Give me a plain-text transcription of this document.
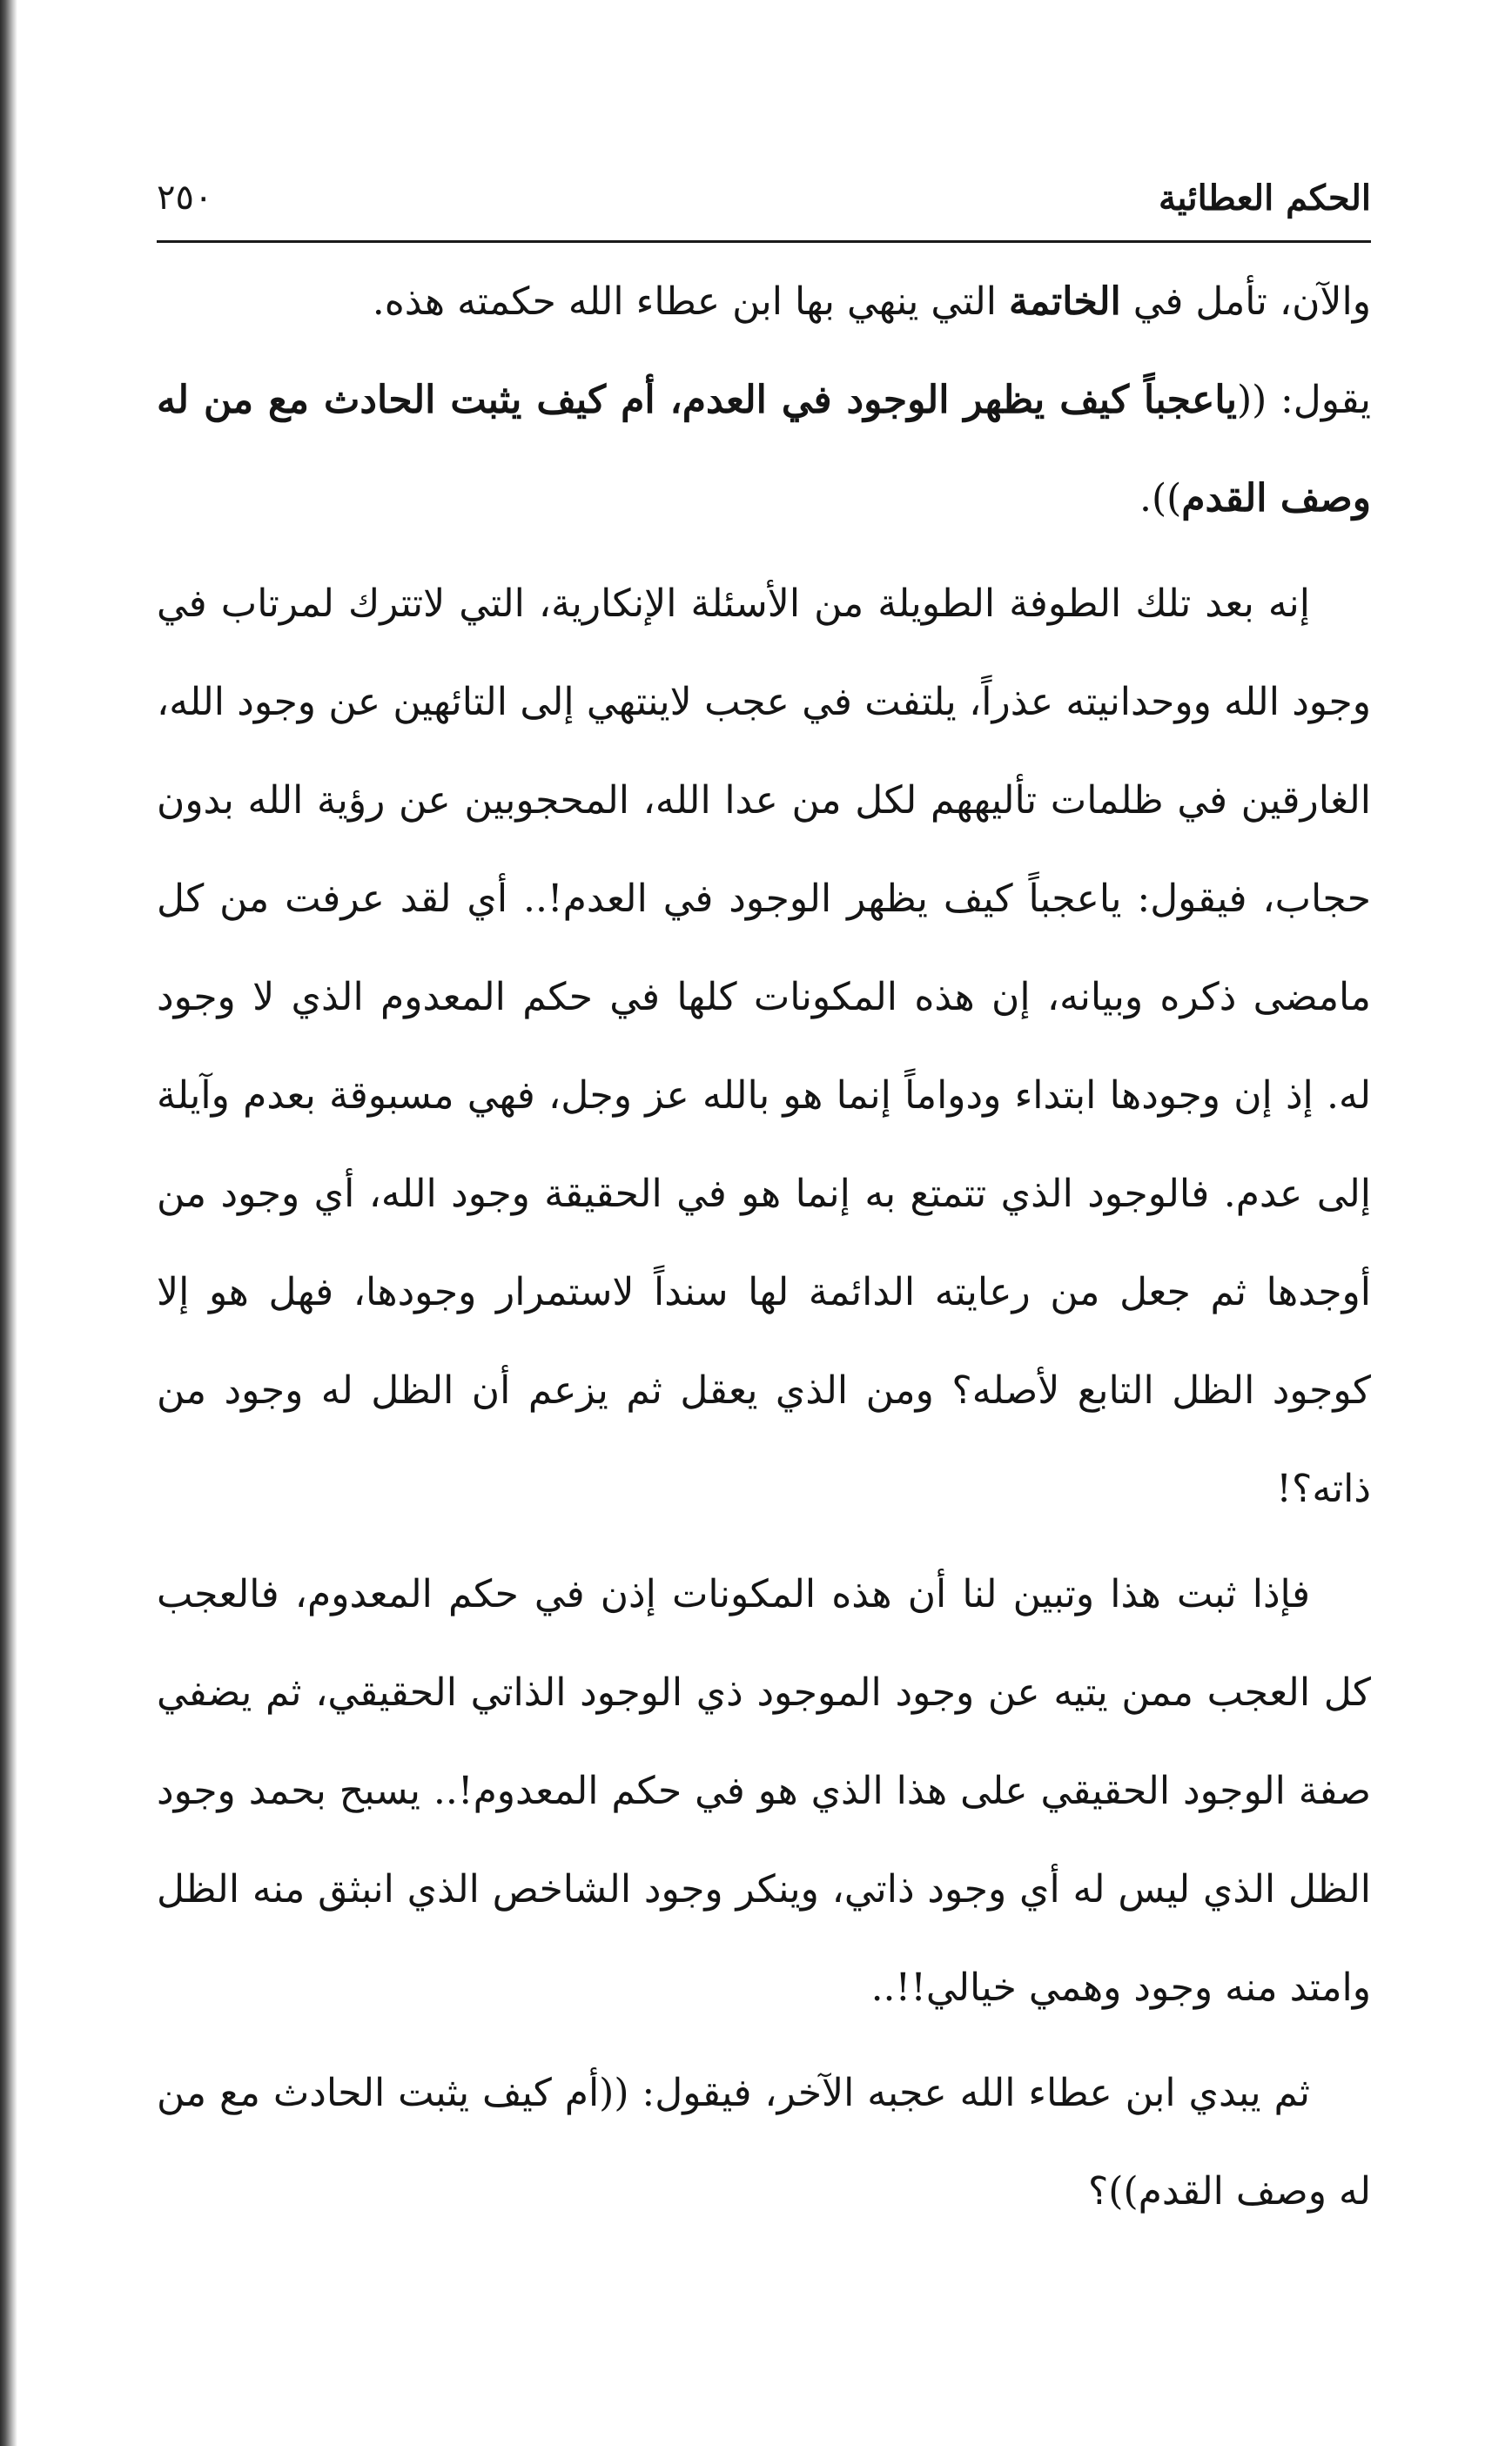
الحكم العطائية
٢٥٠

والآن، تأمل في الخاتمة التي ينهي بها ابن عطاء الله حكمته هذه.

يقول: ((ياعجباً كيف يظهر الوجود في العدم، أم كيف يثبت الحادث مع من له وصف القدم)).

إنه بعد تلك الطوفة الطويلة من الأسئلة الإنكارية، التي لاتترك لمرتاب في وجود الله ووحدانيته عذراً، يلتفت في عجب لاينتهي إلى التائهين عن وجود الله، الغارقين في ظلمات تأليههم لكل من عدا الله، المحجوبين عن رؤية الله بدون حجاب، فيقول: ياعجباً كيف يظهر الوجود في العدم!.. أي لقد عرفت من كل مامضى ذكره وبيانه، إن هذه المكونات كلها في حكم المعدوم الذي لا وجود له. إذ إن وجودها ابتداء ودواماً إنما هو بالله عز وجل، فهي مسبوقة بعدم وآيلة إلى عدم. فالوجود الذي تتمتع به إنما هو في الحقيقة وجود الله، أي وجود من أوجدها ثم جعل من رعايته الدائمة لها سنداً لاستمرار وجودها، فهل هو إلا كوجود الظل التابع لأصله؟ ومن الذي يعقل ثم يزعم أن الظل له وجود من ذاته؟!

فإذا ثبت هذا وتبين لنا أن هذه المكونات إذن في حكم المعدوم، فالعجب كل العجب ممن يتيه عن وجود الموجود ذي الوجود الذاتي الحقيقي، ثم يضفي صفة الوجود الحقيقي على هذا الذي هو في حكم المعدوم!.. يسبح بحمد وجود الظل الذي ليس له أي وجود ذاتي، وينكر وجود الشاخص الذي انبثق منه الظل وامتد منه وجود وهمي خيالي!!..

ثم يبدي ابن عطاء الله عجبه الآخر، فيقول: ((أم كيف يثبت الحادث مع من له وصف القدم))؟
